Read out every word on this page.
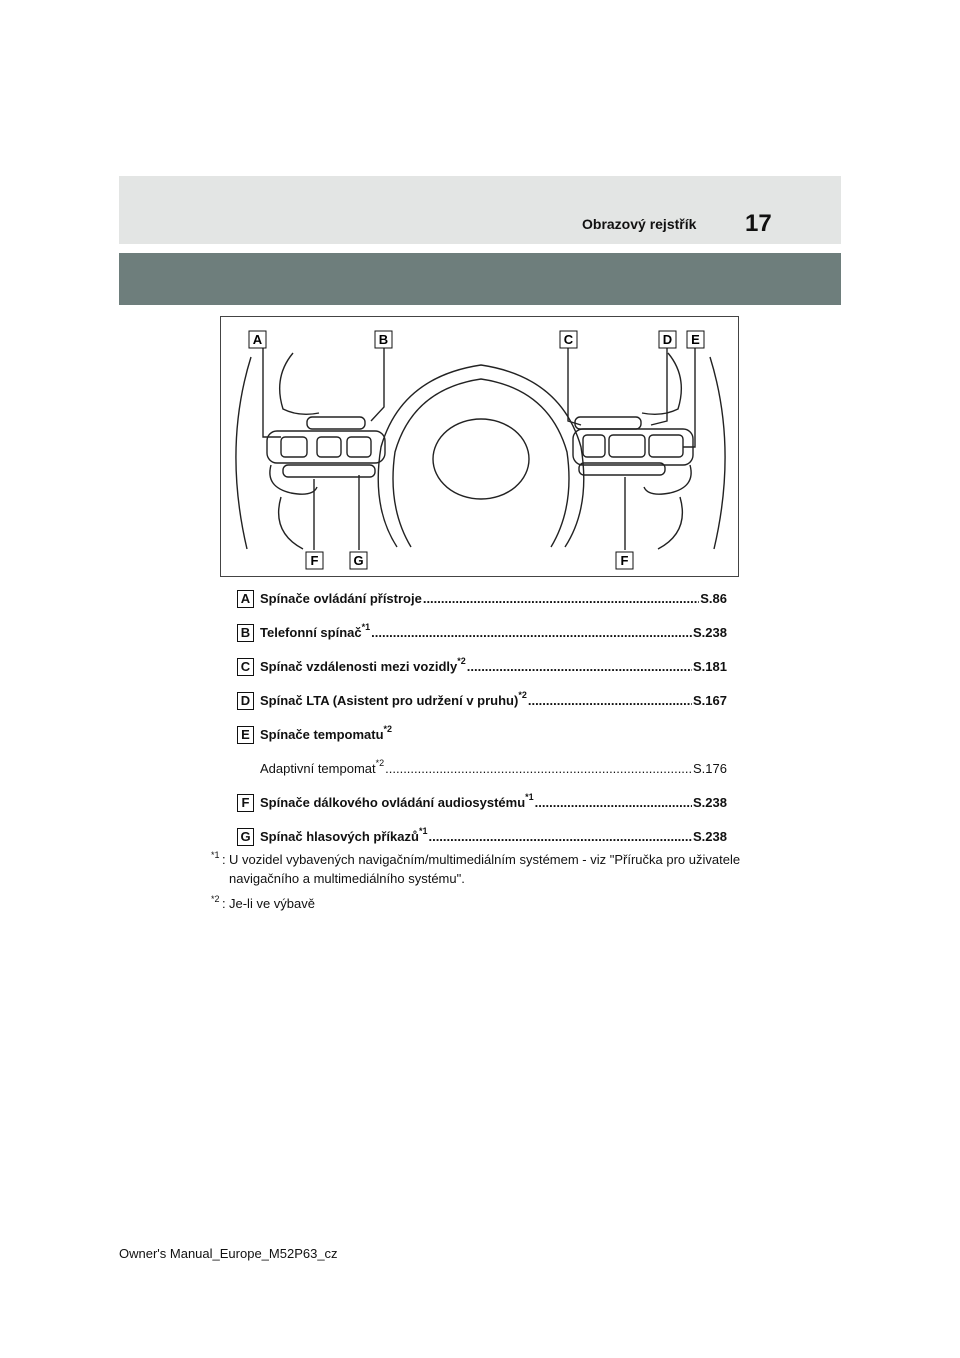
Obrazový rejstřík 17
A	B	C	D E
F	G	F
A Spínače ovládání přístroje .....	S.86
B Telefonní spínač$^{*1}$ .....	S.238
C Spínač vzdálenosti mezi vozidly$^{*2}$ .....	S.181
D Spínač LTA (Asistent pro udržení v pruhu)$^{*2}$ .....	S.167
E Spínače tempomatu$^{*2}$
Adaptivní tempomat$^{*2}$ .....	S.176
F Spínače dálkového ovládání audiosystému$^{*1}$ .....	S.238
G Spínač hlasových příkazů$^{*1}$ .....	S.238
*1 : U vozidel vybavených navigačním/multimediálním systémem - viz "Příručka pro uživatele navigačního a multimediálního systému".
*2 : Je-li ve výbavě
Owner's Manual_Europe_M52P63_cz
